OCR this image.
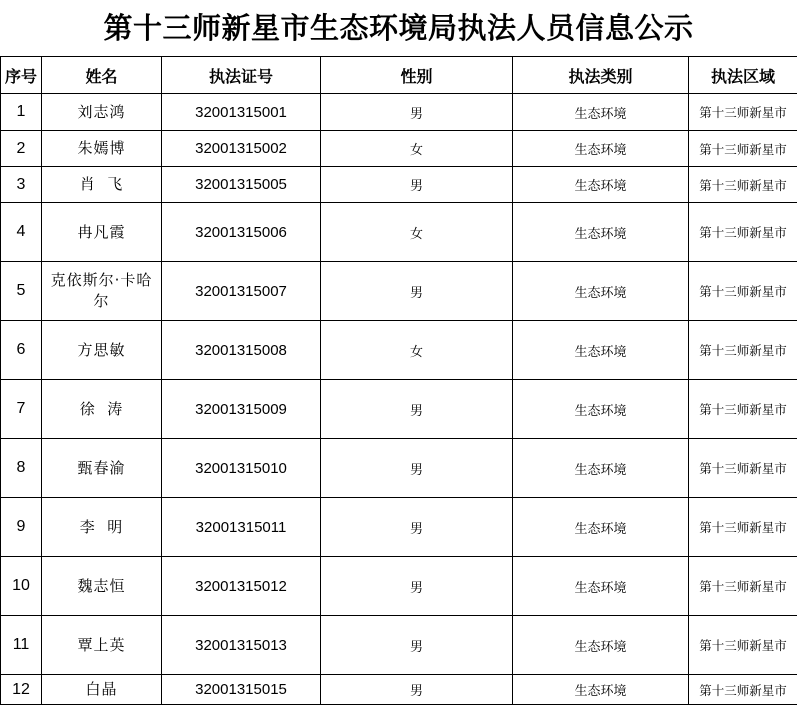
第十三师新星市生态环境局执法人员信息公示
序号	姓名	执法证号	性别	执法类别	执法区域
1	刘志鸿	32001315001	男	生态环境	第十三师新星市
2	朱嫣博	32001315002	女	生态环境	第十三师新星市
3	肖  飞	32001315005	男	生态环境	第十三师新星市
4	冉凡霞	32001315006	女	生态环境	第十三师新星市
5	克依斯尔·卡哈尔	32001315007	男	生态环境	第十三师新星市
6	方思敏	32001315008	女	生态环境	第十三师新星市
7	徐  涛	32001315009	男	生态环境	第十三师新星市
8	甄春渝	32001315010	男	生态环境	第十三师新星市
9	李  明	32001315011	男	生态环境	第十三师新星市
10	魏志恒	32001315012	男	生态环境	第十三师新星市
11	覃上英	32001315013	男	生态环境	第十三师新星市
12	白晶	32001315015	男	生态环境	第十三师新星市
